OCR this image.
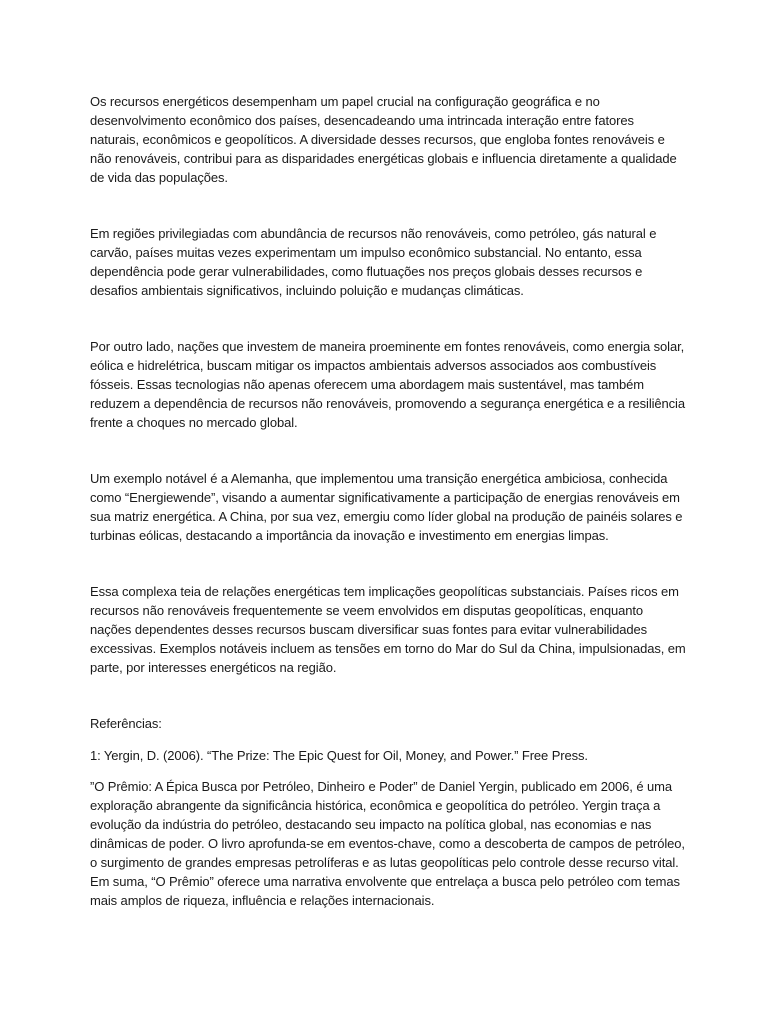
Os recursos energéticos desempenham um papel crucial na configuração geográfica e no desenvolvimento econômico dos países, desencadeando uma intrincada interação entre fatores naturais, econômicos e geopolíticos. A diversidade desses recursos, que engloba fontes renováveis e não renováveis, contribui para as disparidades energéticas globais e influencia diretamente a qualidade de vida das populações.

Em regiões privilegiadas com abundância de recursos não renováveis, como petróleo, gás natural e carvão, países muitas vezes experimentam um impulso econômico substancial. No entanto, essa dependência pode gerar vulnerabilidades, como flutuações nos preços globais desses recursos e desafios ambientais significativos, incluindo poluição e mudanças climáticas.

Por outro lado, nações que investem de maneira proeminente em fontes renováveis, como energia solar, eólica e hidrelétrica, buscam mitigar os impactos ambientais adversos associados aos combustíveis fósseis. Essas tecnologias não apenas oferecem uma abordagem mais sustentável, mas também reduzem a dependência de recursos não renováveis, promovendo a segurança energética e a resiliência frente a choques no mercado global.

Um exemplo notável é a Alemanha, que implementou uma transição energética ambiciosa, conhecida como “Energiewende”, visando a aumentar significativamente a participação de energias renováveis em sua matriz energética. A China, por sua vez, emergiu como líder global na produção de painéis solares e turbinas eólicas, destacando a importância da inovação e investimento em energias limpas.

Essa complexa teia de relações energéticas tem implicações geopolíticas substanciais. Países ricos em recursos não renováveis frequentemente se veem envolvidos em disputas geopolíticas, enquanto nações dependentes desses recursos buscam diversificar suas fontes para evitar vulnerabilidades excessivas. Exemplos notáveis incluem as tensões em torno do Mar do Sul da China, impulsionadas, em parte, por interesses energéticos na região.

Referências:

1: Yergin, D. (2006). “The Prize: The Epic Quest for Oil, Money, and Power.” Free Press.

”O Prêmio: A Épica Busca por Petróleo, Dinheiro e Poder” de Daniel Yergin, publicado em 2006, é uma exploração abrangente da significância histórica, econômica e geopolítica do petróleo. Yergin traça a evolução da indústria do petróleo, destacando seu impacto na política global, nas economias e nas dinâmicas de poder. O livro aprofunda-se em eventos-chave, como a descoberta de campos de petróleo, o surgimento de grandes empresas petrolíferas e as lutas geopolíticas pelo controle desse recurso vital. Em suma, “O Prêmio” oferece uma narrativa envolvente que entrelaça a busca pelo petróleo com temas mais amplos de riqueza, influência e relações internacionais.
